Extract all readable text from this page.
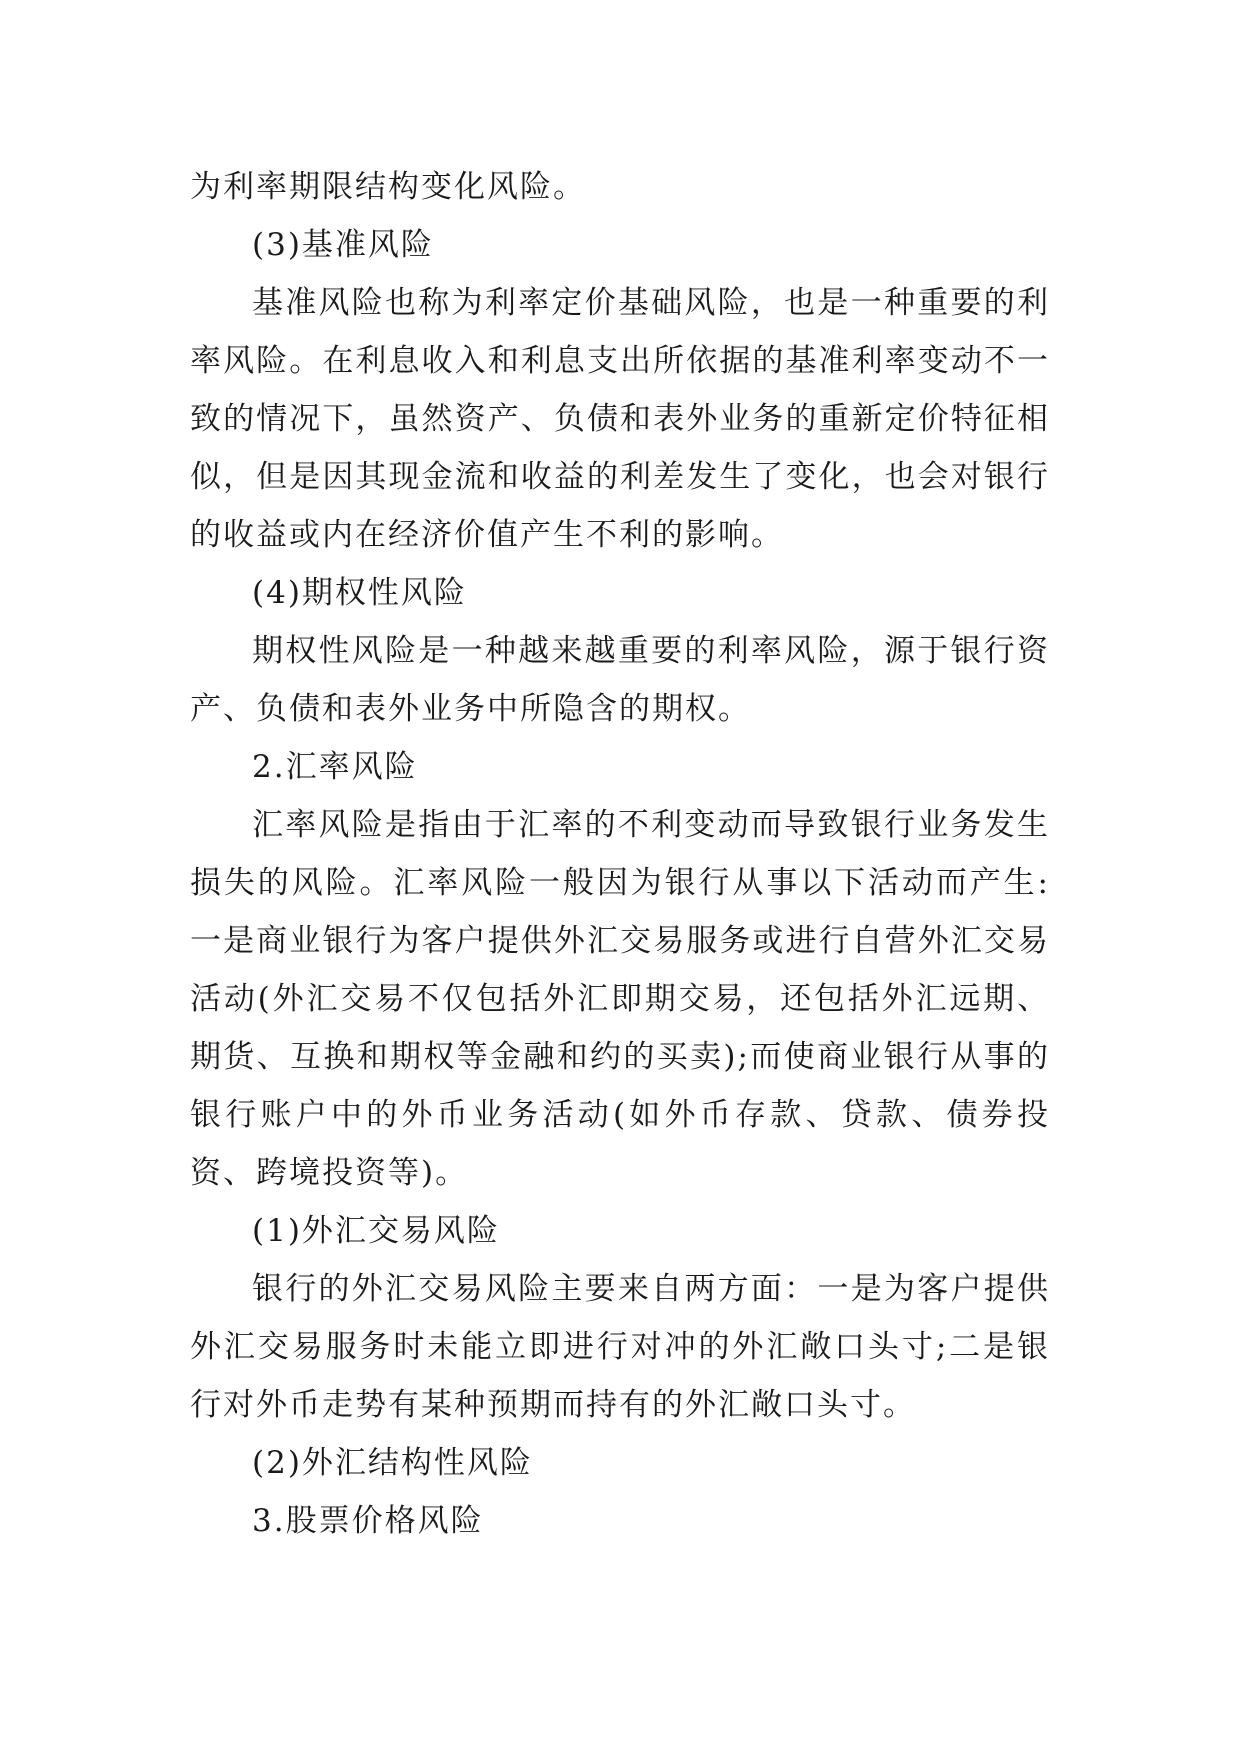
为利率期限结构变化风险。

(3)基准风险

基准风险也称为利率定价基础风险，也是一种重要的利率风险。在利息收入和利息支出所依据的基准利率变动不一致的情况下，虽然资产、负债和表外业务的重新定价特征相似，但是因其现金流和收益的利差发生了变化，也会对银行的收益或内在经济价值产生不利的影响。

(4)期权性风险

期权性风险是一种越来越重要的利率风险，源于银行资产、负债和表外业务中所隐含的期权。

2.汇率风险

汇率风险是指由于汇率的不利变动而导致银行业务发生损失的风险。汇率风险一般因为银行从事以下活动而产生:一是商业银行为客户提供外汇交易服务或进行自营外汇交易活动(外汇交易不仅包括外汇即期交易，还包括外汇远期、期货、互换和期权等金融和约的买卖);而使商业银行从事的银行账户中的外币业务活动(如外币存款、贷款、债券投资、跨境投资等)。

(1)外汇交易风险

银行的外汇交易风险主要来自两方面：一是为客户提供外汇交易服务时未能立即进行对冲的外汇敞口头寸;二是银行对外币走势有某种预期而持有的外汇敞口头寸。

(2)外汇结构性风险

3.股票价格风险
